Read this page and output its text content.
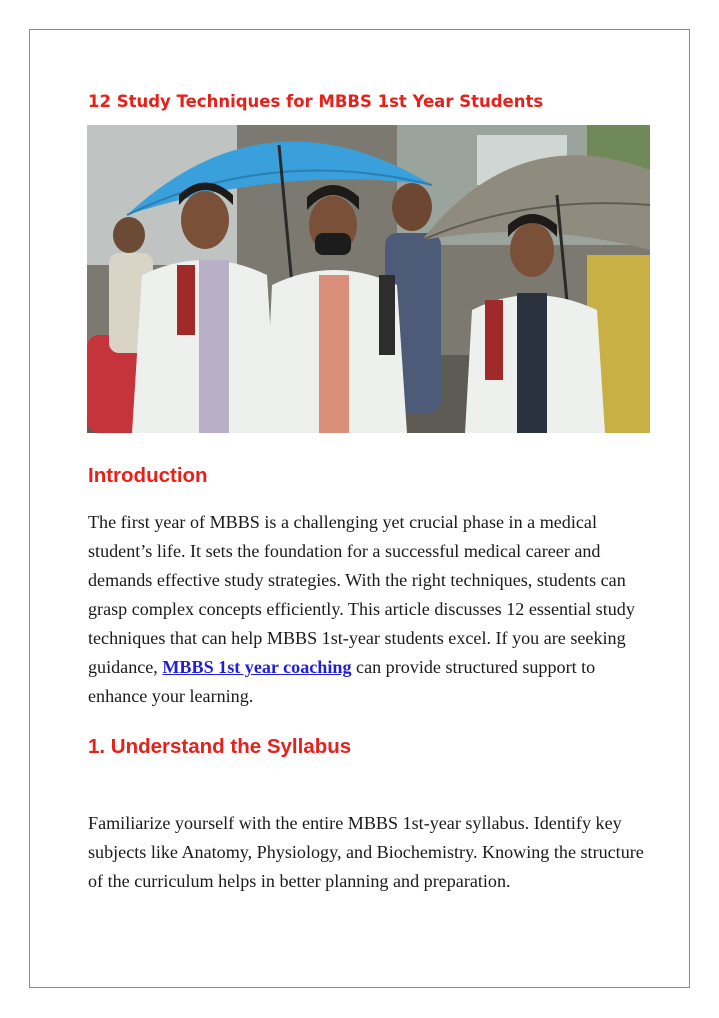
12 Study Techniques for MBBS 1st Year Students
Introduction

The first year of MBBS is a challenging yet crucial phase in a medical student’s life. It sets the foundation for a successful medical career and demands effective study strategies. With the right techniques, students can grasp complex concepts efficiently. This article discusses 12 essential study techniques that can help MBBS 1st-year students excel. If you are seeking guidance, MBBS 1st year coaching can provide structured support to enhance your learning.

1. Understand the Syllabus

Familiarize yourself with the entire MBBS 1st-year syllabus. Identify key subjects like Anatomy, Physiology, and Biochemistry. Knowing the structure of the curriculum helps in better planning and preparation.
